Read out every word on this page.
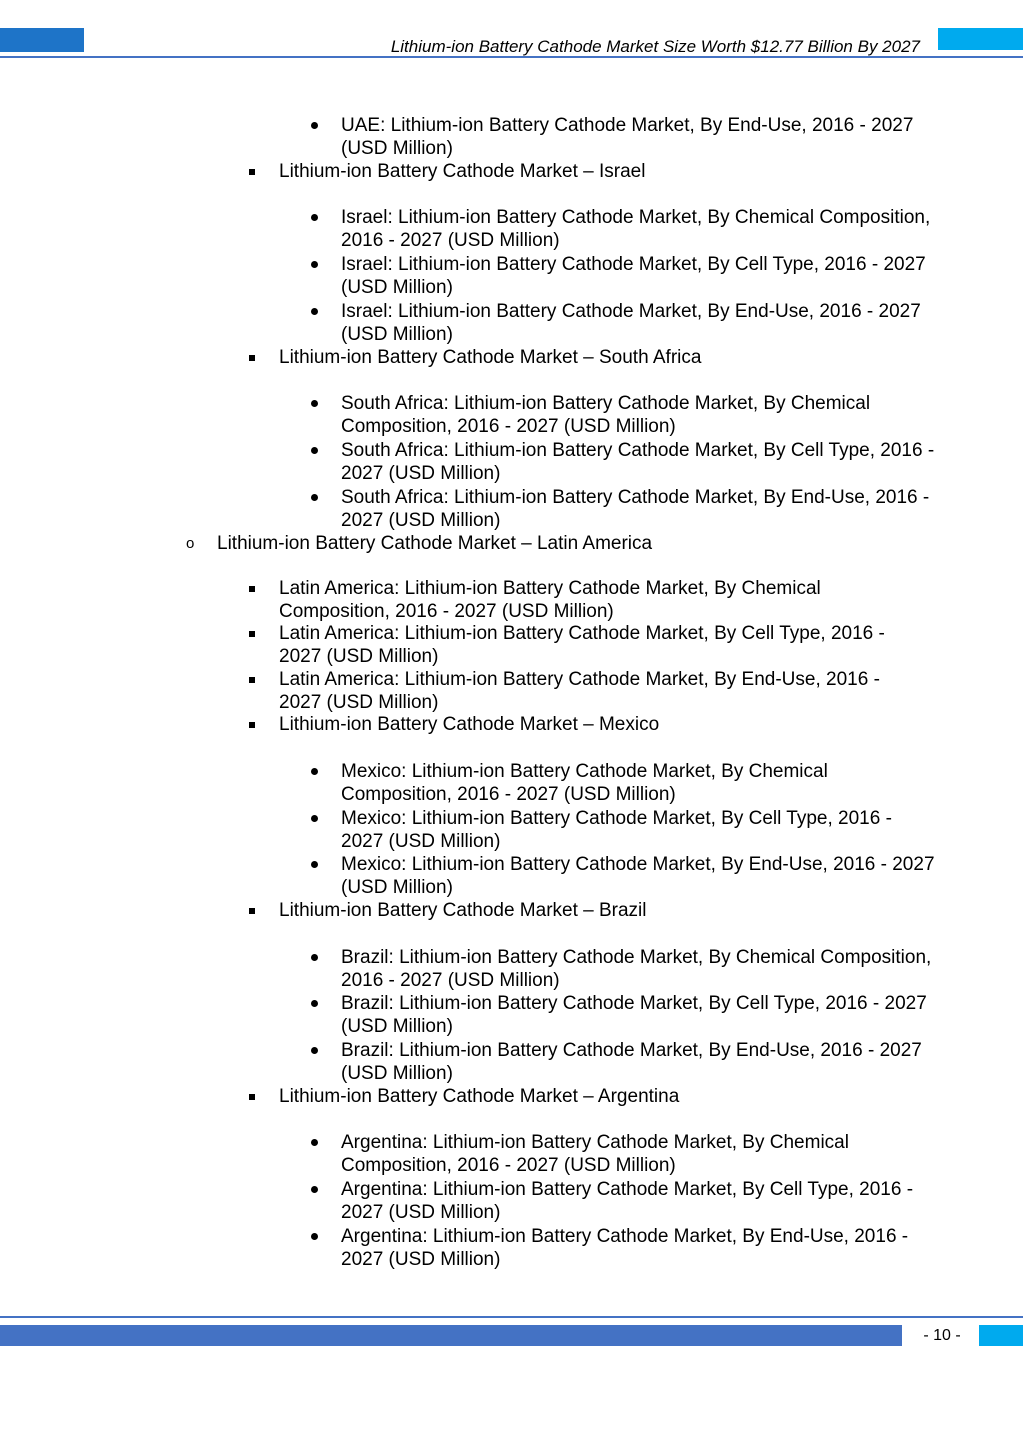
Lithium-ion Battery Cathode Market Size Worth $12.77 Billion By 2027
UAE: Lithium-ion Battery Cathode Market, By End-Use, 2016 - 2027 (USD Million)
Lithium-ion Battery Cathode Market – Israel
Israel: Lithium-ion Battery Cathode Market, By Chemical Composition, 2016 - 2027 (USD Million)
Israel: Lithium-ion Battery Cathode Market, By Cell Type, 2016 - 2027 (USD Million)
Israel: Lithium-ion Battery Cathode Market, By End-Use, 2016 - 2027 (USD Million)
Lithium-ion Battery Cathode Market – South Africa
South Africa: Lithium-ion Battery Cathode Market, By Chemical Composition, 2016 - 2027 (USD Million)
South Africa: Lithium-ion Battery Cathode Market, By Cell Type, 2016 - 2027 (USD Million)
South Africa: Lithium-ion Battery Cathode Market, By End-Use, 2016 - 2027 (USD Million)
o Lithium-ion Battery Cathode Market – Latin America
Latin America: Lithium-ion Battery Cathode Market, By Chemical Composition, 2016 - 2027 (USD Million)
Latin America: Lithium-ion Battery Cathode Market, By Cell Type, 2016 - 2027 (USD Million)
Latin America: Lithium-ion Battery Cathode Market, By End-Use, 2016 - 2027 (USD Million)
Lithium-ion Battery Cathode Market – Mexico
Mexico: Lithium-ion Battery Cathode Market, By Chemical Composition, 2016 - 2027 (USD Million)
Mexico: Lithium-ion Battery Cathode Market, By Cell Type, 2016 - 2027 (USD Million)
Mexico: Lithium-ion Battery Cathode Market, By End-Use, 2016 - 2027 (USD Million)
Lithium-ion Battery Cathode Market – Brazil
Brazil: Lithium-ion Battery Cathode Market, By Chemical Composition, 2016 - 2027 (USD Million)
Brazil: Lithium-ion Battery Cathode Market, By Cell Type, 2016 - 2027 (USD Million)
Brazil: Lithium-ion Battery Cathode Market, By End-Use, 2016 - 2027 (USD Million)
Lithium-ion Battery Cathode Market – Argentina
Argentina: Lithium-ion Battery Cathode Market, By Chemical Composition, 2016 - 2027 (USD Million)
Argentina: Lithium-ion Battery Cathode Market, By Cell Type, 2016 - 2027 (USD Million)
Argentina: Lithium-ion Battery Cathode Market, By End-Use, 2016 - 2027 (USD Million)
- 10 -
